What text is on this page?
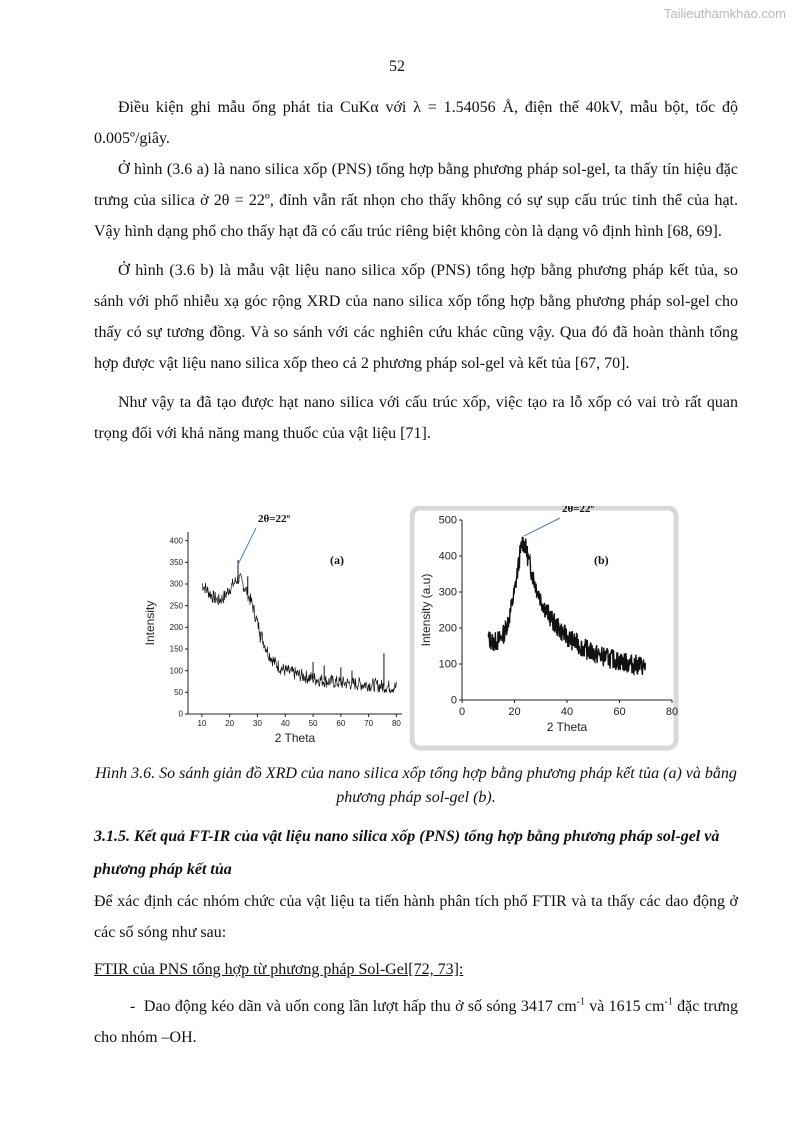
Tailieuthamkhao.com
52

Điều kiện ghi mẫu ống phát tia CuKα với λ = 1.54056 Å, điện thế 40kV, mẫu bột, tốc độ 0.005º/giây.

Ở hình (3.6 a) là nano silica xốp (PNS) tổng hợp bằng phương pháp sol-gel, ta thấy tín hiệu đặc trưng của silica ở 2θ = 22º, đỉnh vẫn rất nhọn cho thấy không có sự sụp cấu trúc tinh thể của hạt. Vậy hình dạng phổ cho thấy hạt đã có cấu trúc riêng biệt không còn là dạng vô định hình [68, 69].

Ở hình (3.6 b) là mẫu vật liệu nano silica xốp (PNS) tổng hợp bằng phương pháp kết tủa, so sánh với phổ nhiễu xạ góc rộng XRD của nano silica xốp tổng hợp bằng phương pháp sol-gel cho thấy có sự tương đồng. Và so sánh với các nghiên cứu khác cũng vậy. Qua đó đã hoàn thành tổng hợp được vật liệu nano silica xốp theo cả 2 phương pháp sol-gel và kết tủa [67, 70].

Như vậy ta đã tạo được hạt nano silica với cấu trúc xốp, việc tạo ra lỗ xốp có vai trò rất quan trọng đối với khả năng mang thuốc của vật liệu [71].

10 20 30 40 50 60 70 80
0
50
100
150
200
250
300
350
400
2 Theta
Intensity
2θ=22º
(a)
0	20	40	60	80
0
100
200
300
400
500
2 Theta
Intensity (a.u)
2θ=22º
(b)
Hình 3.6. So sánh giản đồ XRD của nano silica xốp tổng hợp bằng phương pháp kết tủa (a) và bằng phương pháp sol-gel (b).
3.1.5. Kết quả FT-IR của vật liệu nano silica xốp (PNS) tổng hợp bằng phương pháp sol-gel và phương pháp kết tủa

Để xác định các nhóm chức của vật liệu ta tiến hành phân tích phổ FTIR và ta thấy các dao động ở các số sóng như sau:

FTIR của PNS tổng hợp từ phương pháp Sol-Gel[72, 73]:

- Dao động kéo dãn và uốn cong lần lượt hấp thu ở số sóng 3417 $cm^{-1}$ và 1615 $cm^{-1}$ đặc trưng cho nhóm –OH.
